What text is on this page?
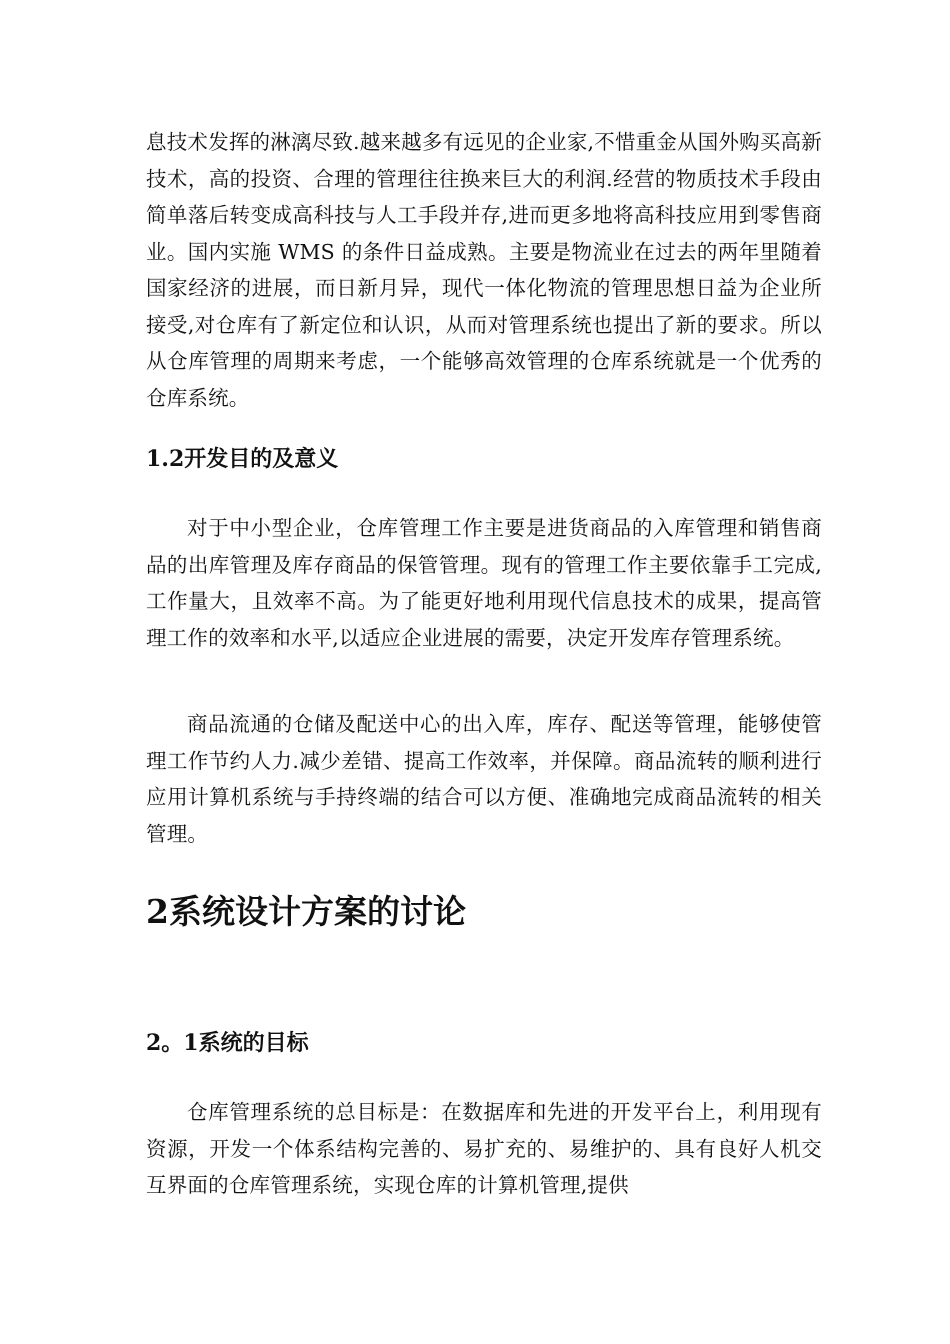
息技术发挥的淋漓尽致.越来越多有远见的企业家,不惜重金从国外购买高新技术，高的投资、合理的管理往往换来巨大的利润.经营的物质技术手段由简单落后转变成高科技与人工手段并存,进而更多地将高科技应用到零售商业。国内实施 WMS 的条件日益成熟。主要是物流业在过去的两年里随着国家经济的进展，而日新月异，现代一体化物流的管理思想日益为企业所接受,对仓库有了新定位和认识，从而对管理系统也提出了新的要求。所以从仓库管理的周期来考虑，一个能够高效管理的仓库系统就是一个优秀的仓库系统。

1.2开发目的及意义

对于中小型企业，仓库管理工作主要是进货商品的入库管理和销售商品的出库管理及库存商品的保管管理。现有的管理工作主要依靠手工完成,工作量大，且效率不高。为了能更好地利用现代信息技术的成果，提高管理工作的效率和水平,以适应企业进展的需要，决定开发库存管理系统。

商品流通的仓储及配送中心的出入库，库存、配送等管理，能够使管理工作节约人力.减少差错、提高工作效率，并保障。商品流转的顺利进行应用计算机系统与手持终端的结合可以方便、准确地完成商品流转的相关管理。

2系统设计方案的讨论
2。1系统的目标

仓库管理系统的总目标是：在数据库和先进的开发平台上，利用现有资源，开发一个体系结构完善的、易扩充的、易维护的、具有良好人机交互界面的仓库管理系统，实现仓库的计算机管理,提供
